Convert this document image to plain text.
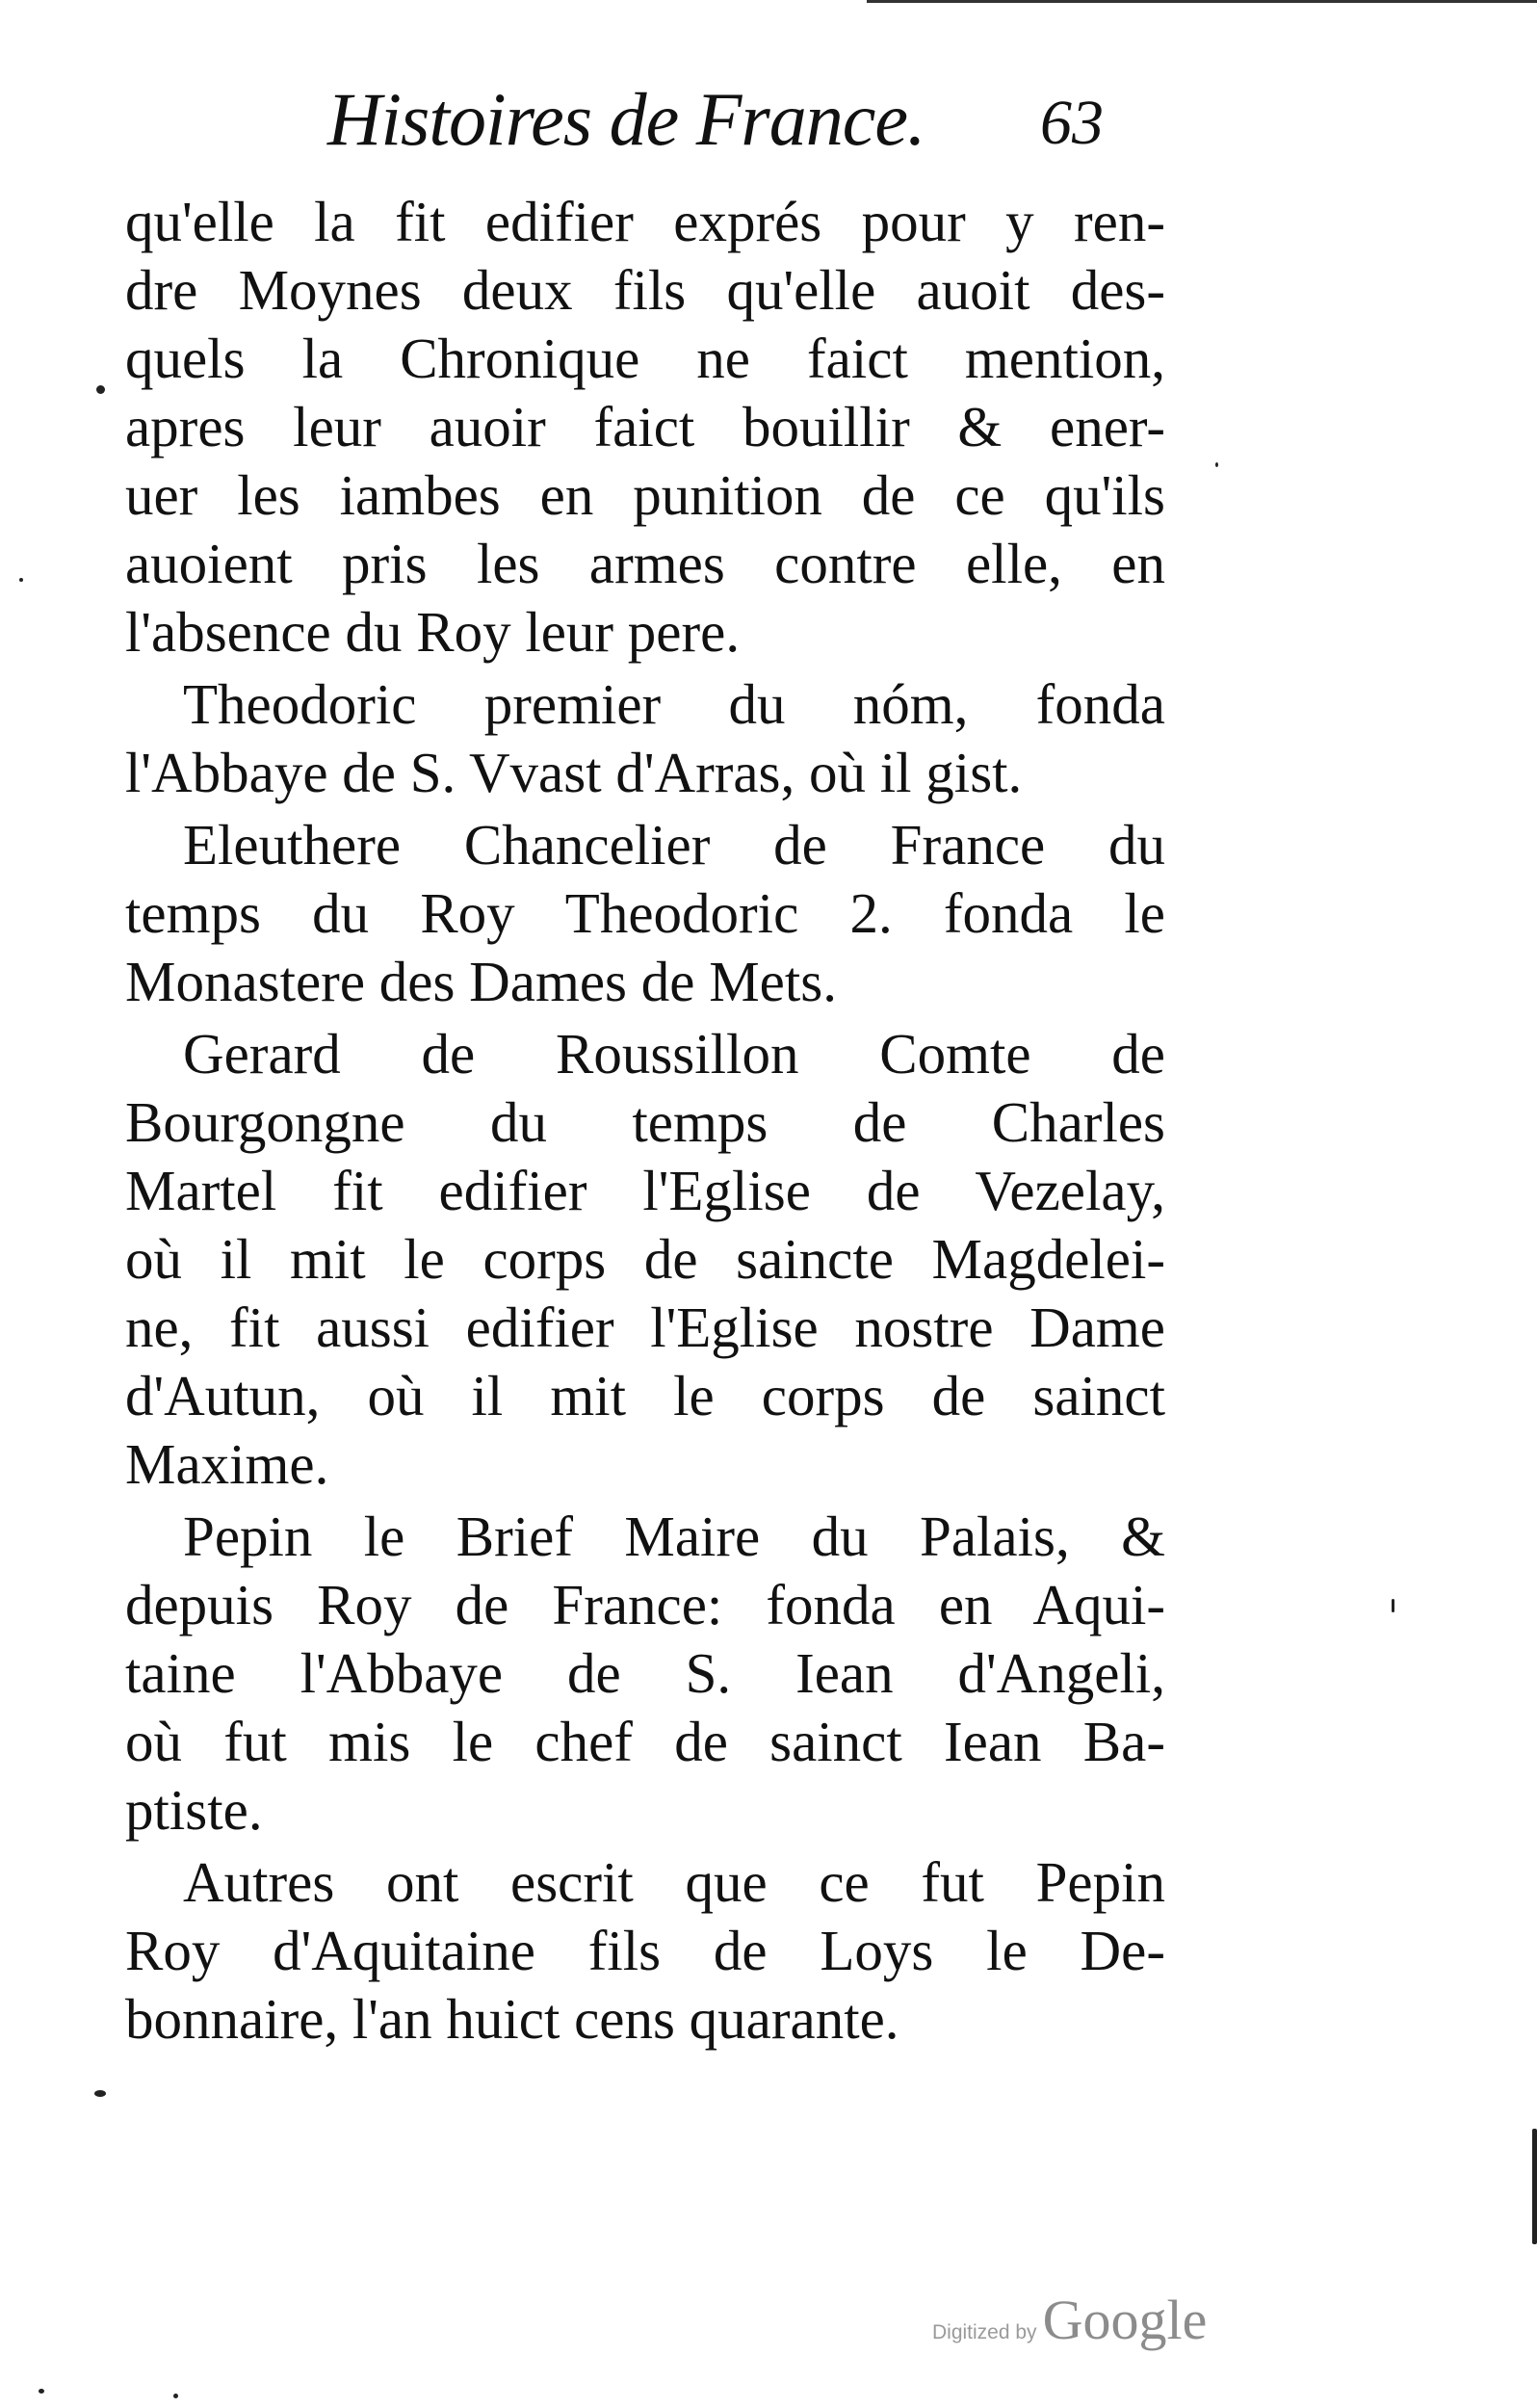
Histoires de France. 63
qu'elle la fit edifier exprés pour y ren-
dre Moynes deux fils qu'elle auoit des-
quels la Chronique ne faict mention,
apres leur auoir faict bouillir & ener-
uer les iambes en punition de ce qu'ils
auoient pris les armes contre elle, en
l'absence du Roy leur pere.
Theodoric premier du nóm, fonda
l'Abbaye de S. Vvast d'Arras, où il gist.
Eleuthere Chancelier de France du
temps du Roy Theodoric 2. fonda le
Monastere des Dames de Mets.
Gerard de Roussillon Comte de
Bourgongne du temps de Charles
Martel fit edifier l'Eglise de Vezelay,
où il mit le corps de saincte Magdelei-
ne, fit aussi edifier l'Eglise nostre Dame
d'Autun, où il mit le corps de sainct
Maxime.
Pepin le Brief Maire du Palais, &
depuis Roy de France: fonda en Aqui-
taine l'Abbaye de S. Iean d'Angeli,
où fut mis le chef de sainct Iean Ba-
ptiste.
Autres ont escrit que ce fut Pepin
Roy d'Aquitaine fils de Loys le De-
bonnaire, l'an huict cens quarante.
Digitized by Google
